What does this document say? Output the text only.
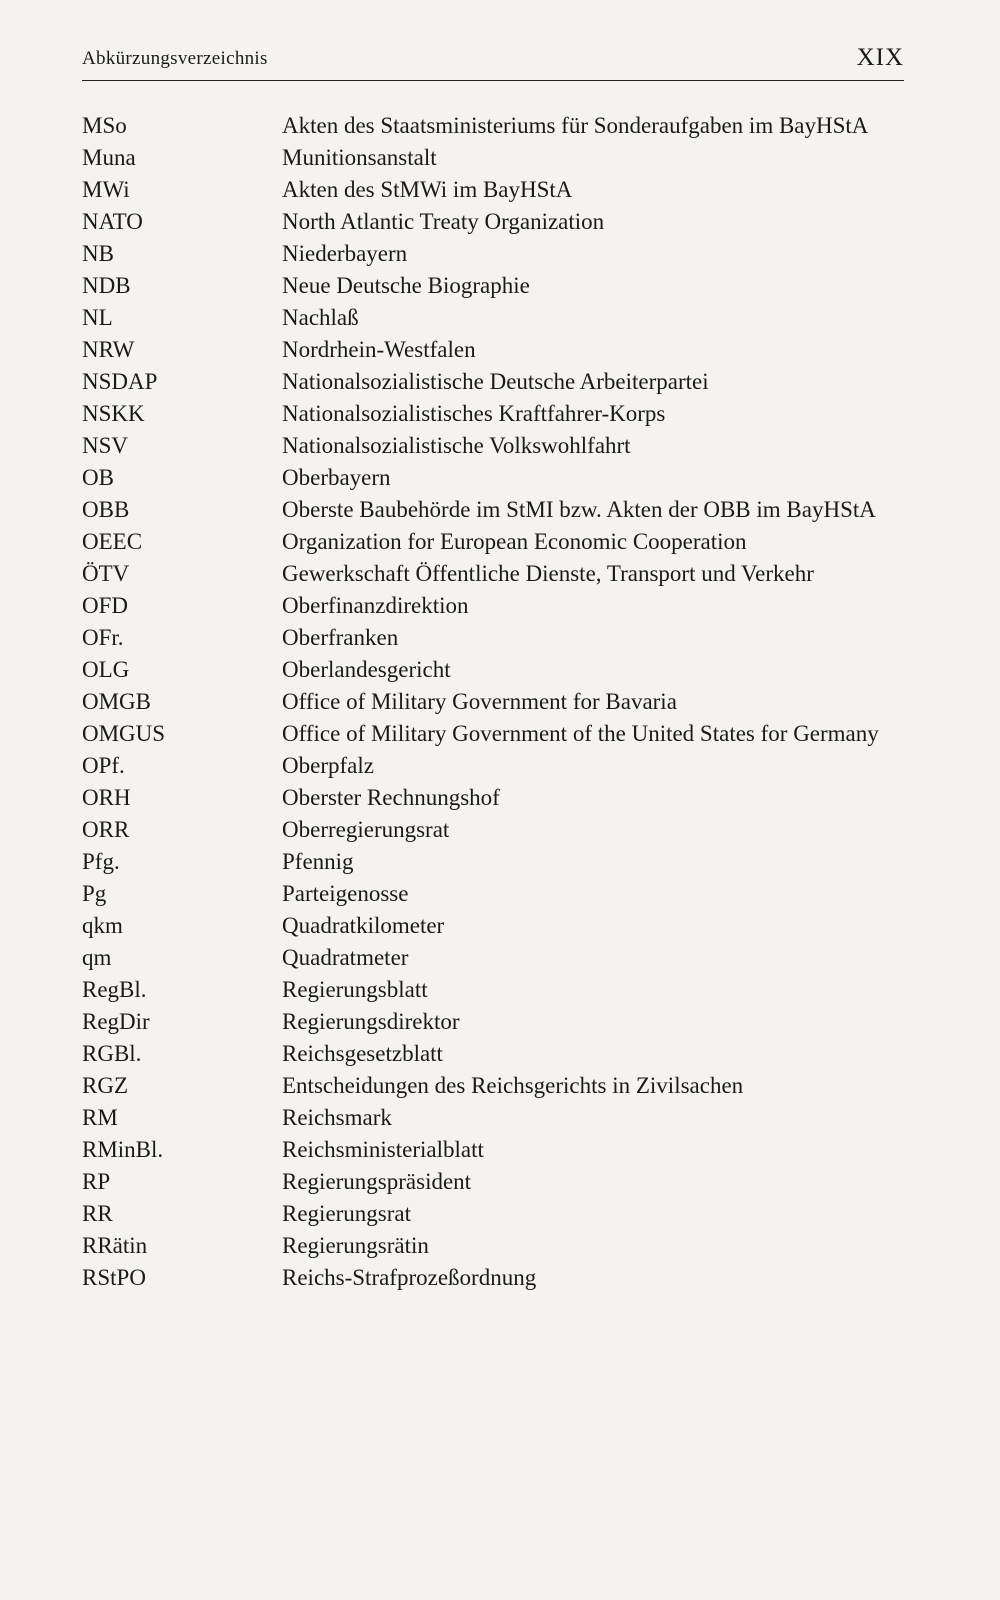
Abkürzungsverzeichnis	XIX
MSo	Akten des Staatsministeriums für Sonderaufgaben im BayHStA
Muna	Munitionsanstalt
MWi	Akten des StMWi im BayHStA
NATO	North Atlantic Treaty Organization
NB	Niederbayern
NDB	Neue Deutsche Biographie
NL	Nachlaß
NRW	Nordrhein-Westfalen
NSDAP	Nationalsozialistische Deutsche Arbeiterpartei
NSKK	Nationalsozialistisches Kraftfahrer-Korps
NSV	Nationalsozialistische Volkswohlfahrt
OB	Oberbayern
OBB	Oberste Baubehörde im StMI bzw. Akten der OBB im BayHStA
OEEC	Organization for European Economic Cooperation
ÖTV	Gewerkschaft Öffentliche Dienste, Transport und Verkehr
OFD	Oberfinanzdirektion
OFr.	Oberfranken
OLG	Oberlandesgericht
OMGB	Office of Military Government for Bavaria
OMGUS	Office of Military Government of the United States for Germany
OPf.	Oberpfalz
ORH	Oberster Rechnungshof
ORR	Oberregierungsrat
Pfg.	Pfennig
Pg	Parteigenosse
qkm	Quadratkilometer
qm	Quadratmeter
RegBl.	Regierungsblatt
RegDir	Regierungsdirektor
RGBl.	Reichsgesetzblatt
RGZ	Entscheidungen des Reichsgerichts in Zivilsachen
RM	Reichsmark
RMinBl.	Reichsministerialblatt
RP	Regierungspräsident
RR	Regierungsrat
RRätin	Regierungsrätin
RStPO	Reichs-Strafprozeßordnung
